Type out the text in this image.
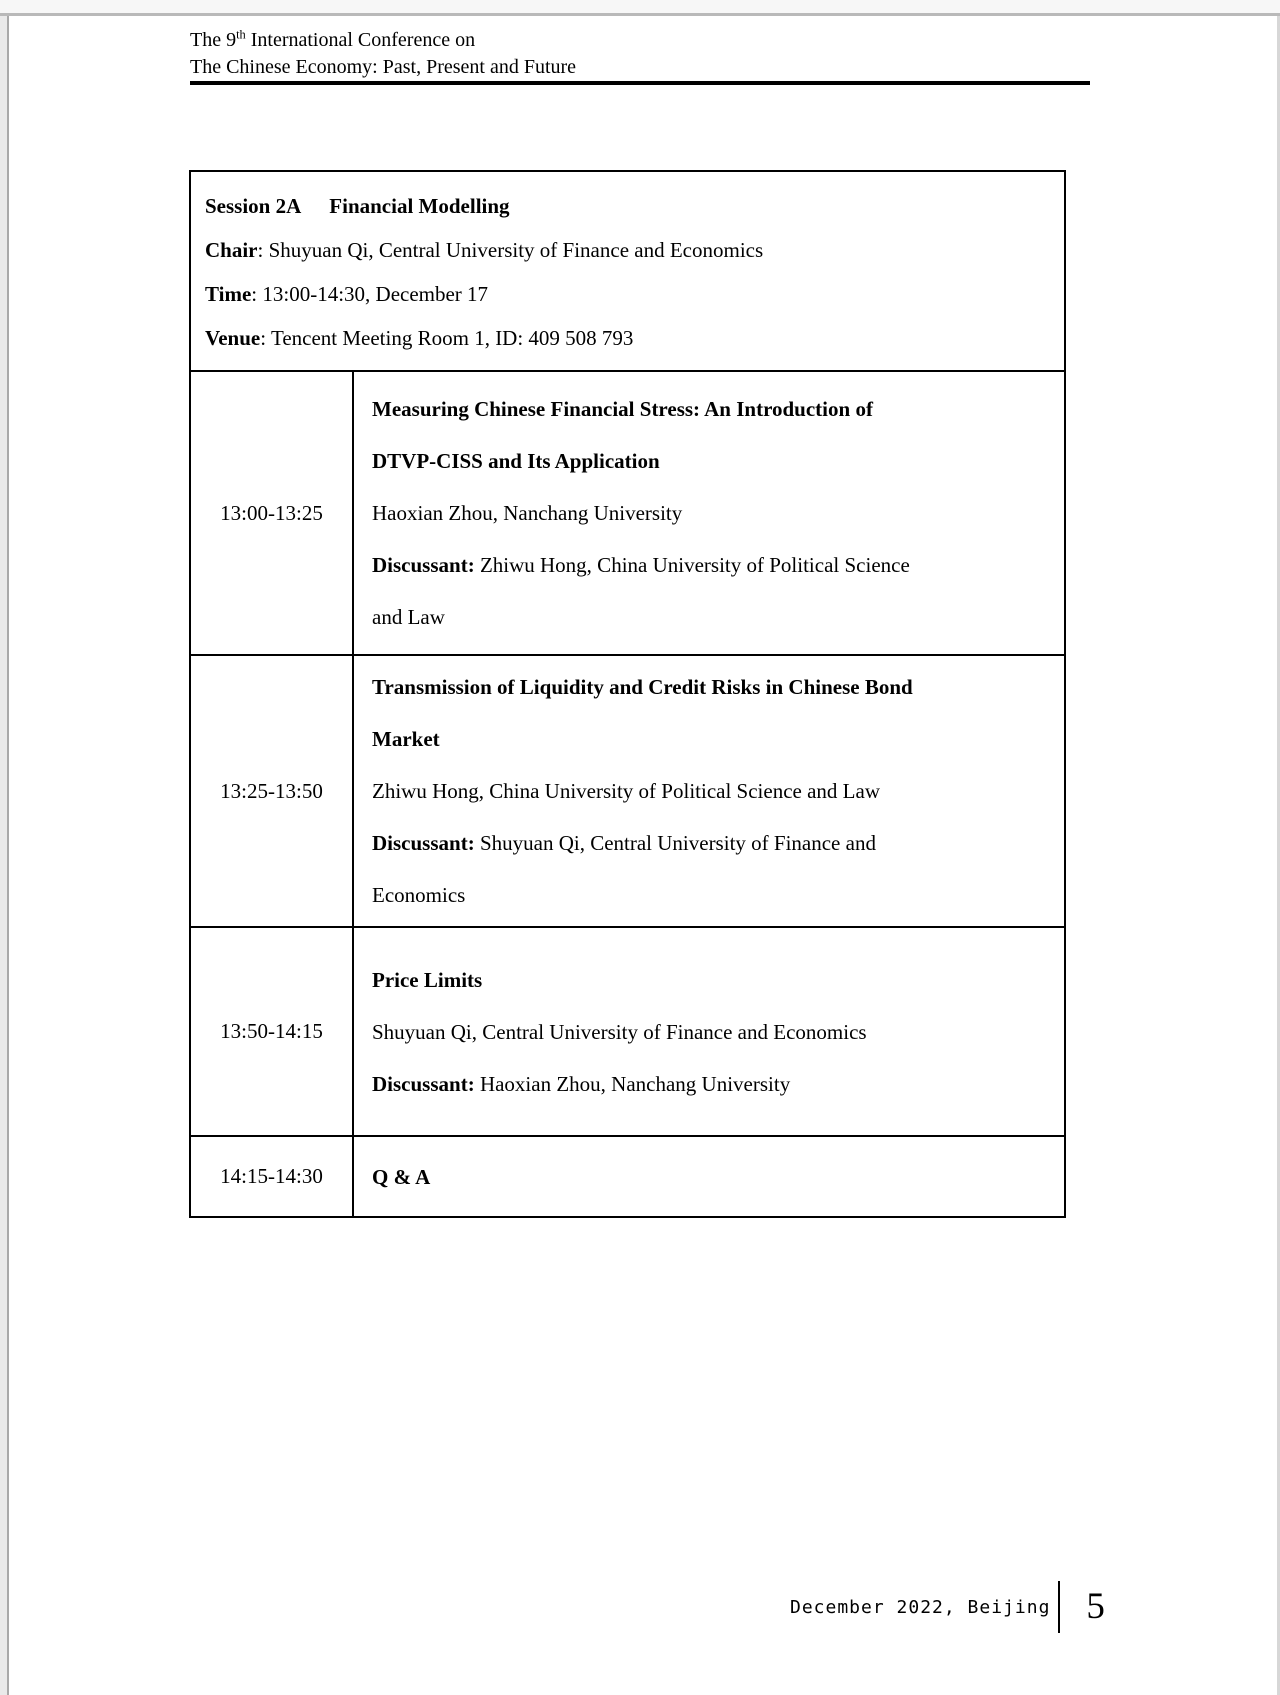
The 9th International Conference on
The Chinese Economy: Past, Present and Future
Session 2A Financial Modelling
Chair: Shuyuan Qi, Central University of Finance and Economics
Time: 13:00-14:30, December 17
Venue: Tencent Meeting Room 1, ID: 409 508 793
13:00-13:25
Measuring Chinese Financial Stress: An Introduction of
DTVP-CISS and Its Application
Haoxian Zhou, Nanchang University
Discussant: Zhiwu Hong, China University of Political Science
and Law
13:25-13:50
Transmission of Liquidity and Credit Risks in Chinese Bond
Market
Zhiwu Hong, China University of Political Science and Law
Discussant: Shuyuan Qi, Central University of Finance and
Economics
13:50-14:15
Price Limits
Shuyuan Qi, Central University of Finance and Economics
Discussant: Haoxian Zhou, Nanchang University
14:15-14:30 Q & A
December 2022, Beijing 5
